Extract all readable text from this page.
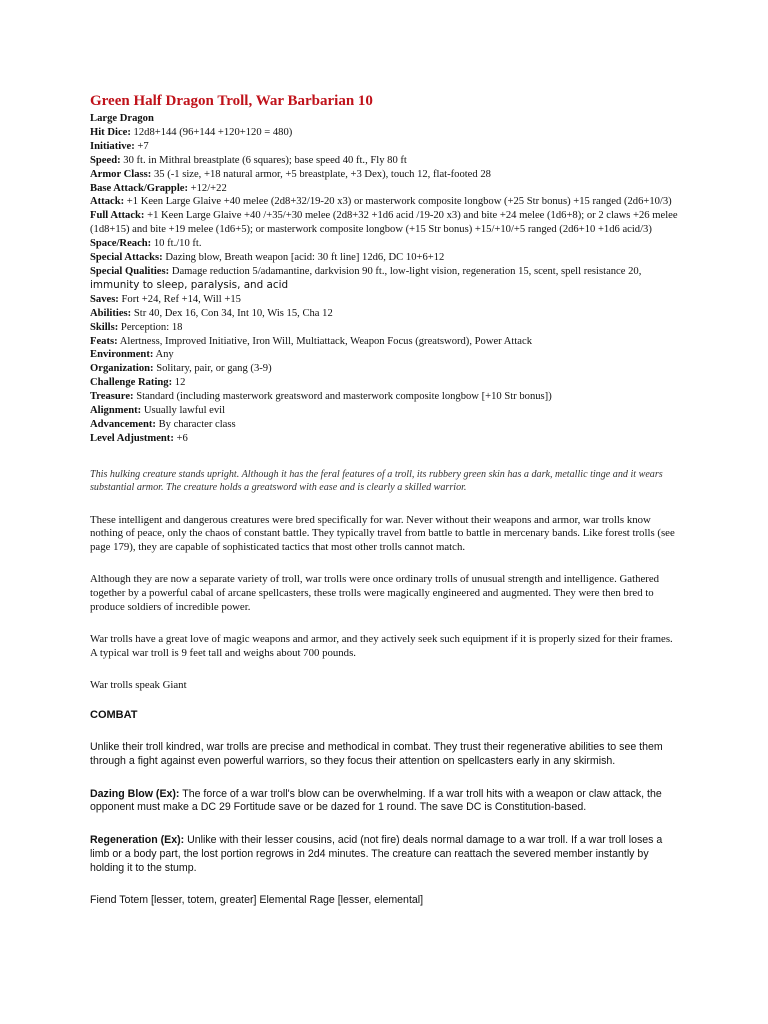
Green Half Dragon Troll, War Barbarian 10
Large Dragon
Hit Dice: 12d8+144 (96+144 +120+120 = 480)
Initiative: +7
Speed: 30 ft. in Mithral breastplate (6 squares); base speed 40 ft., Fly 80 ft
Armor Class: 35 (-1 size, +18 natural armor, +5 breastplate, +3 Dex), touch 12, flat-footed 28
Base Attack/Grapple: +12/+22
Attack: +1 Keen Large Glaive +40 melee (2d8+32/19-20 x3) or masterwork composite longbow (+25 Str bonus) +15 ranged (2d6+10/3)
Full Attack: +1 Keen Large Glaive +40 /+35/+30 melee (2d8+32 +1d6 acid /19-20 x3) and bite +24 melee (1d6+8); or 2 claws +26 melee (1d8+15) and bite +19 melee (1d6+5); or masterwork composite longbow (+15 Str bonus) +15/+10/+5 ranged (2d6+10 +1d6 acid/3)
Space/Reach: 10 ft./10 ft.
Special Attacks: Dazing blow, Breath weapon [acid: 30 ft line] 12d6, DC 10+6+12
Special Qualities: Damage reduction 5/adamantine, darkvision 90 ft., low-light vision, regeneration 15, scent, spell resistance 20, immunity to sleep, paralysis, and acid
Saves: Fort +24, Ref +14, Will +15
Abilities: Str 40, Dex 16, Con 34, Int 10, Wis 15, Cha 12
Skills: Perception: 18
Feats: Alertness, Improved Initiative, Iron Will, Multiattack, Weapon Focus (greatsword), Power Attack
Environment: Any
Organization: Solitary, pair, or gang (3-9)
Challenge Rating: 12
Treasure: Standard (including masterwork greatsword and masterwork composite longbow [+10 Str bonus])
Alignment: Usually lawful evil
Advancement: By character class
Level Adjustment: +6
This hulking creature stands upright. Although it has the feral features of a troll, its rubbery green skin has a dark, metallic tinge and it wears substantial armor. The creature holds a greatsword with ease and is clearly a skilled warrior.
These intelligent and dangerous creatures were bred specifically for war. Never without their weapons and armor, war trolls know nothing of peace, only the chaos of constant battle. They typically travel from battle to battle in mercenary bands. Like forest trolls (see page 179), they are capable of sophisticated tactics that most other trolls cannot match.
Although they are now a separate variety of troll, war trolls were once ordinary trolls of unusual strength and intelligence. Gathered together by a powerful cabal of arcane spellcasters, these trolls were magically engineered and augmented. They were then bred to produce soldiers of incredible power.
War trolls have a great love of magic weapons and armor, and they actively seek such equipment if it is properly sized for their frames. A typical war troll is 9 feet tall and weighs about 700 pounds.
War trolls speak Giant
COMBAT
Unlike their troll kindred, war trolls are precise and methodical in combat. They trust their regenerative abilities to see them through a fight against even powerful warriors, so they focus their attention on spellcasters early in any skirmish.
Dazing Blow (Ex): The force of a war troll's blow can be overwhelming. If a war troll hits with a weapon or claw attack, the opponent must make a DC 29 Fortitude save or be dazed for 1 round. The save DC is Constitution-based.
Regeneration (Ex): Unlike with their lesser cousins, acid (not fire) deals normal damage to a war troll. If a war troll loses a limb or a body part, the lost portion regrows in 2d4 minutes. The creature can reattach the severed member instantly by holding it to the stump.
Fiend Totem [lesser, totem, greater] Elemental Rage [lesser, elemental]
